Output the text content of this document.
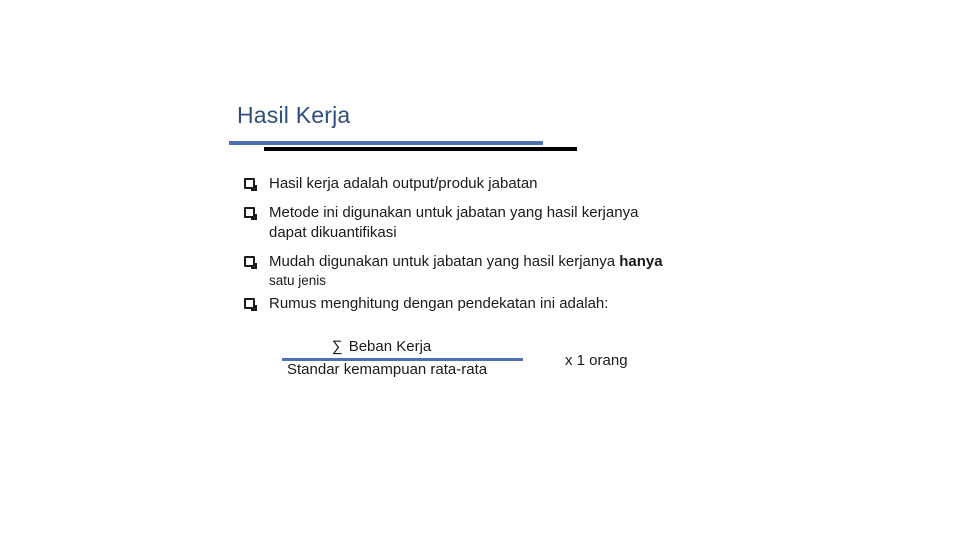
Hasil Kerja
Hasil kerja adalah output/produk jabatan
Metode ini digunakan untuk jabatan yang hasil kerjanya
dapat dikuantifikasi
Mudah digunakan untuk jabatan yang hasil kerjanya hanya
satu jenis
Rumus menghitung dengan pendekatan ini adalah:
∑ Beban Kerja
Standar kemampuan rata-rata
x 1 orang
